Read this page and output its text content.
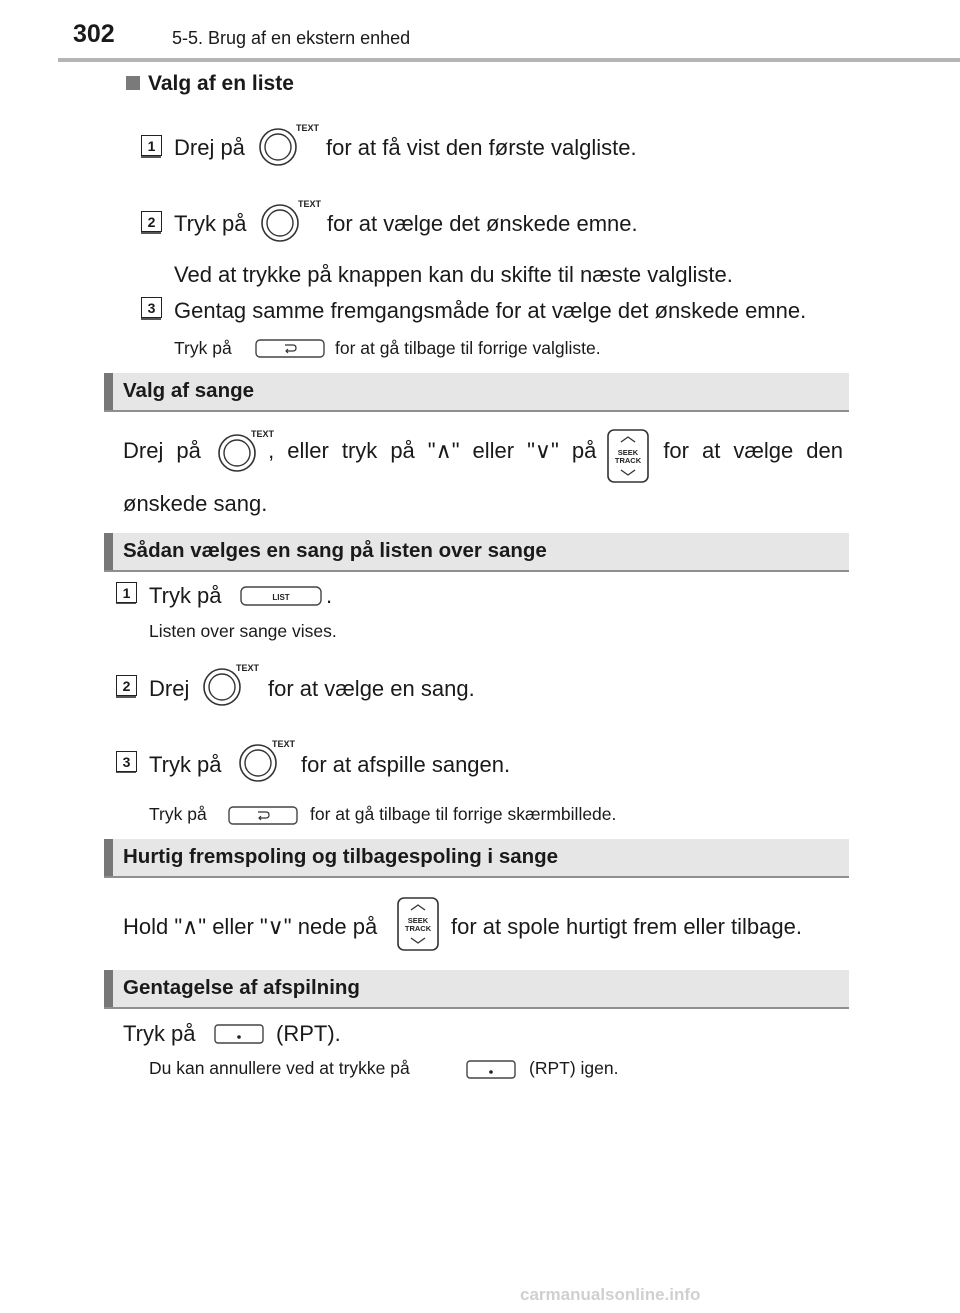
302	5-5. Brug af en ekstern enhed
Valg af en liste
1 Drej på
TEXT
for at få vist den første valgliste.
2 Tryk på
TEXT
for at vælge det ønskede emne.
Ved at trykke på knappen kan du skifte til næste valgliste.
3 Gentag samme fremgangsmåde for at vælge det ønskede emne.
Tryk på	for at gå tilbage til forrige valgliste.
Valg af sange
Drej på	, eller tryk på "∧" eller "∨" på	for at vælge den
TEXT
SEEK
TRACK
ønskede sang.
Sådan vælges en sang på listen over sange
1 Tryk på	LIST .
Listen over sange vises.
2 Drej
TEXT
for at vælge en sang.
3 Tryk på
TEXT
for at afspille sangen.
Tryk på	for at gå tilbage til forrige skærmbillede.
Hurtig fremspoling og tilbagespoling i sange
Hold "∧" eller "∨" nede på	SEEK
TRACK for at spole hurtigt frem eller tilbage.
Gentagelse af afspilning
Tryk på	(RPT).
Du kan annullere ved at trykke på	(RPT) igen.
carmanualsonline.info
